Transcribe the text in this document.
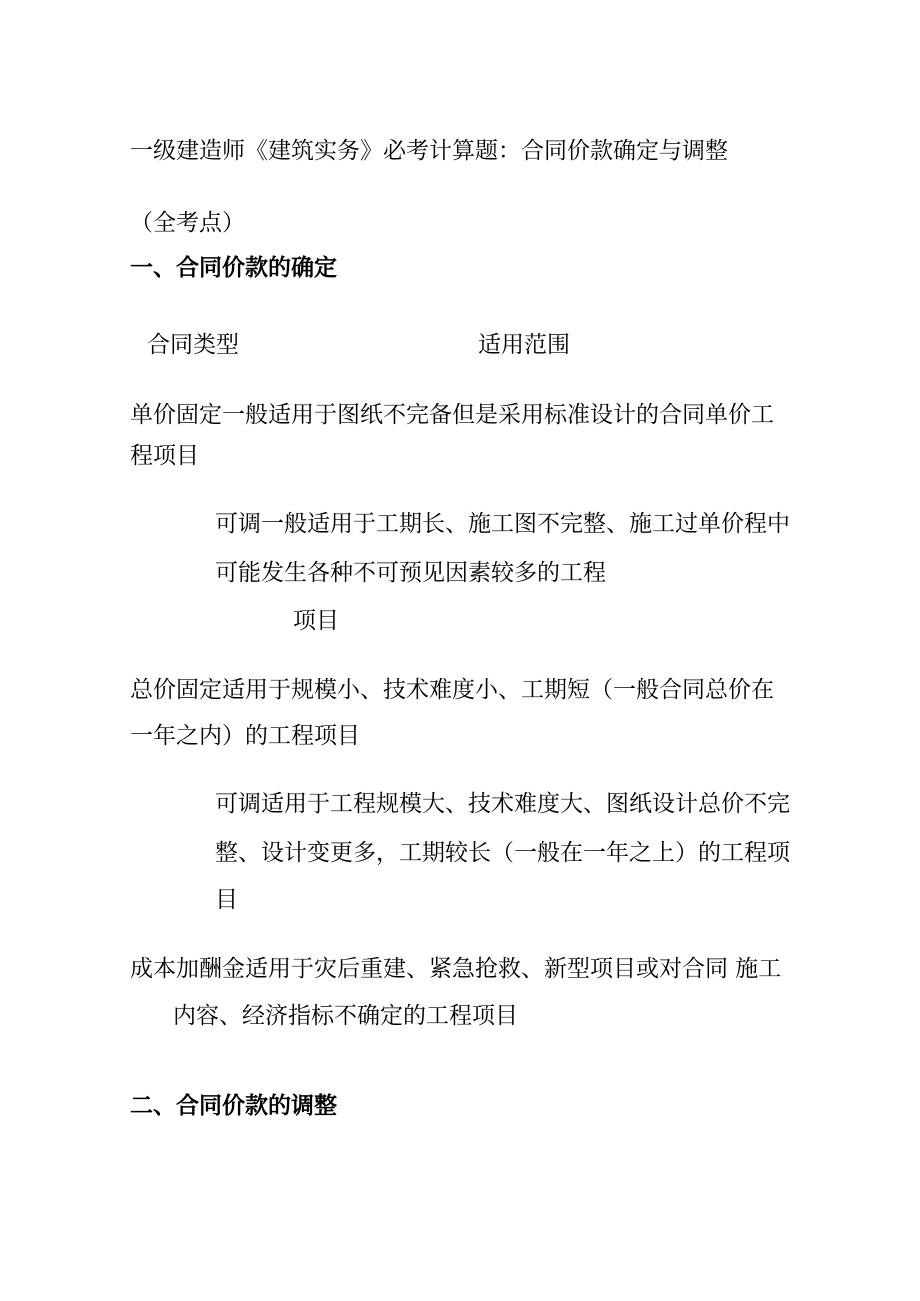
一级建造师《建筑实务》必考计算题：合同价款确定与调整
（全考点）
一、合同价款的确定
合同类型	适用范围
单价固定一般适用于图纸不完备但是采用标准设计的合同单价工
程项目
可调一般适用于工期长、施工图不完整、施工过单价程中
可能发生各种不可预见因素较多的工程
项目
总价固定适用于规模小、技术难度小、工期短（一般合同总价在
一年之内）的工程项目
可调适用于工程规模大、技术难度大、图纸设计总价不完
整、设计变更多，工期较长（一般在一年之上）的工程项
目
成本加酬金适用于灾后重建、紧急抢救、新型项目或对合同 施工
内容、经济指标不确定的工程项目
二、合同价款的调整
